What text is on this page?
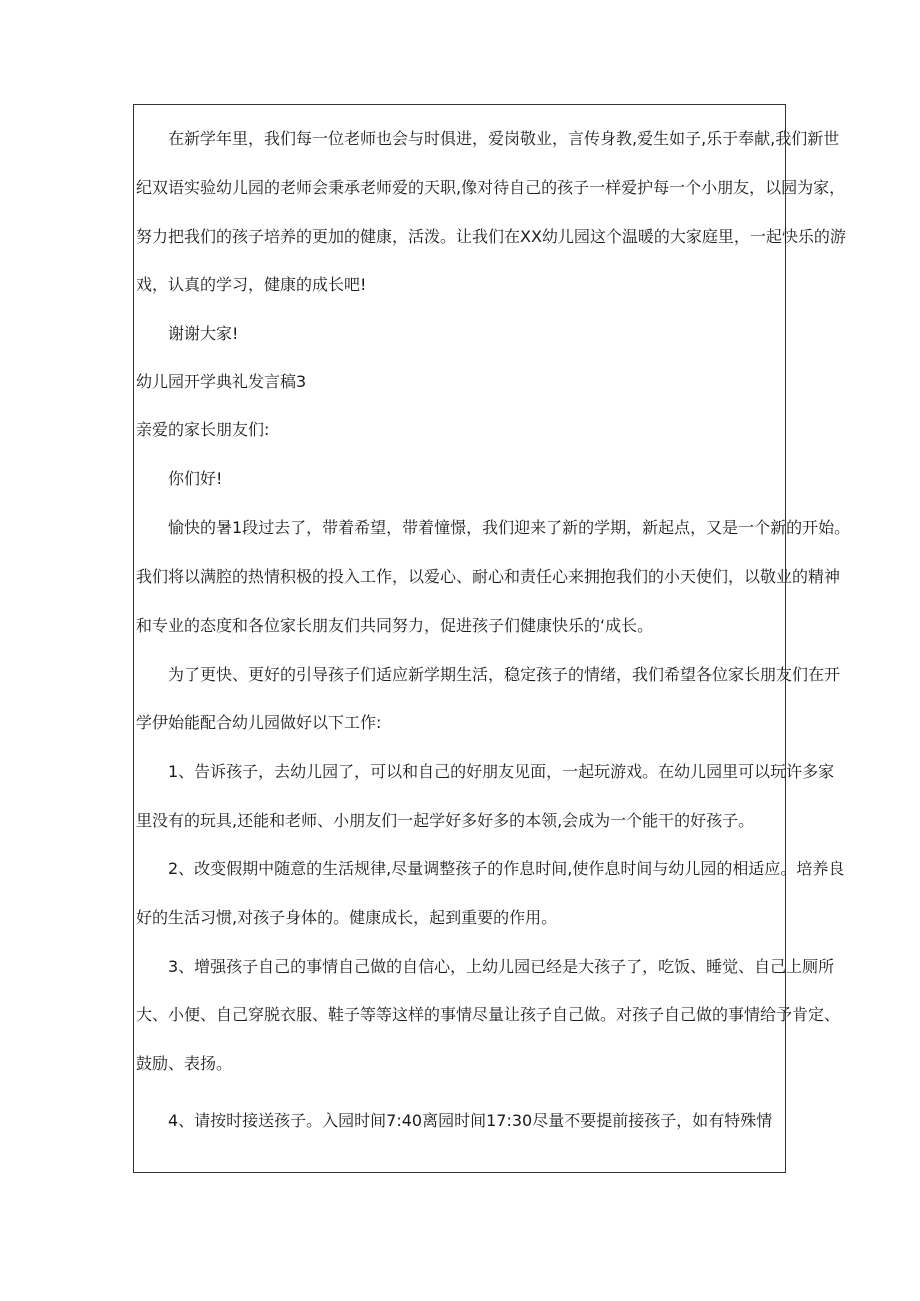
在新学年里，我们每一位老师也会与时俱进，爱岗敬业，言传身教,爱生如子,乐于奉献,我们新世
纪双语实验幼儿园的老师会秉承老师爱的天职,像对待自己的孩子一样爱护每一个小朋友，以园为家，
努力把我们的孩子培养的更加的健康，活泼。让我们在XX幼儿园这个温暖的大家庭里，一起快乐的游
戏，认真的学习，健康的成长吧!
谢谢大家!
幼儿园开学典礼发言稿3
亲爱的家长朋友们:
你们好!
愉快的暑1段过去了，带着希望，带着憧憬，我们迎来了新的学期，新起点，又是一个新的开始。
我们将以满腔的热情积极的投入工作，以爱心、耐心和责任心来拥抱我们的小天使们，以敬业的精神
和专业的态度和各位家长朋友们共同努力，促进孩子们健康快乐的‘成长。
为了更快、更好的引导孩子们适应新学期生活，稳定孩子的情绪，我们希望各位家长朋友们在开
学伊始能配合幼儿园做好以下工作:
1、告诉孩子，去幼儿园了，可以和自己的好朋友见面，一起玩游戏。在幼儿园里可以玩许多家
里没有的玩具,还能和老师、小朋友们一起学好多好多的本领,会成为一个能干的好孩子。
2、改变假期中随意的生活规律,尽量调整孩子的作息时间,使作息时间与幼儿园的相适应。培养良
好的生活习惯,对孩子身体的。健康成长，起到重要的作用。
3、增强孩子自己的事情自己做的自信心，上幼儿园已经是大孩子了，吃饭、睡觉、自己上厕所
大、小便、自己穿脱衣服、鞋子等等这样的事情尽量让孩子自己做。对孩子自己做的事情给予肯定、
鼓励、表扬。
4、请按时接送孩子。入园时间7:40离园时间17:30尽量不要提前接孩子，如有特殊情
